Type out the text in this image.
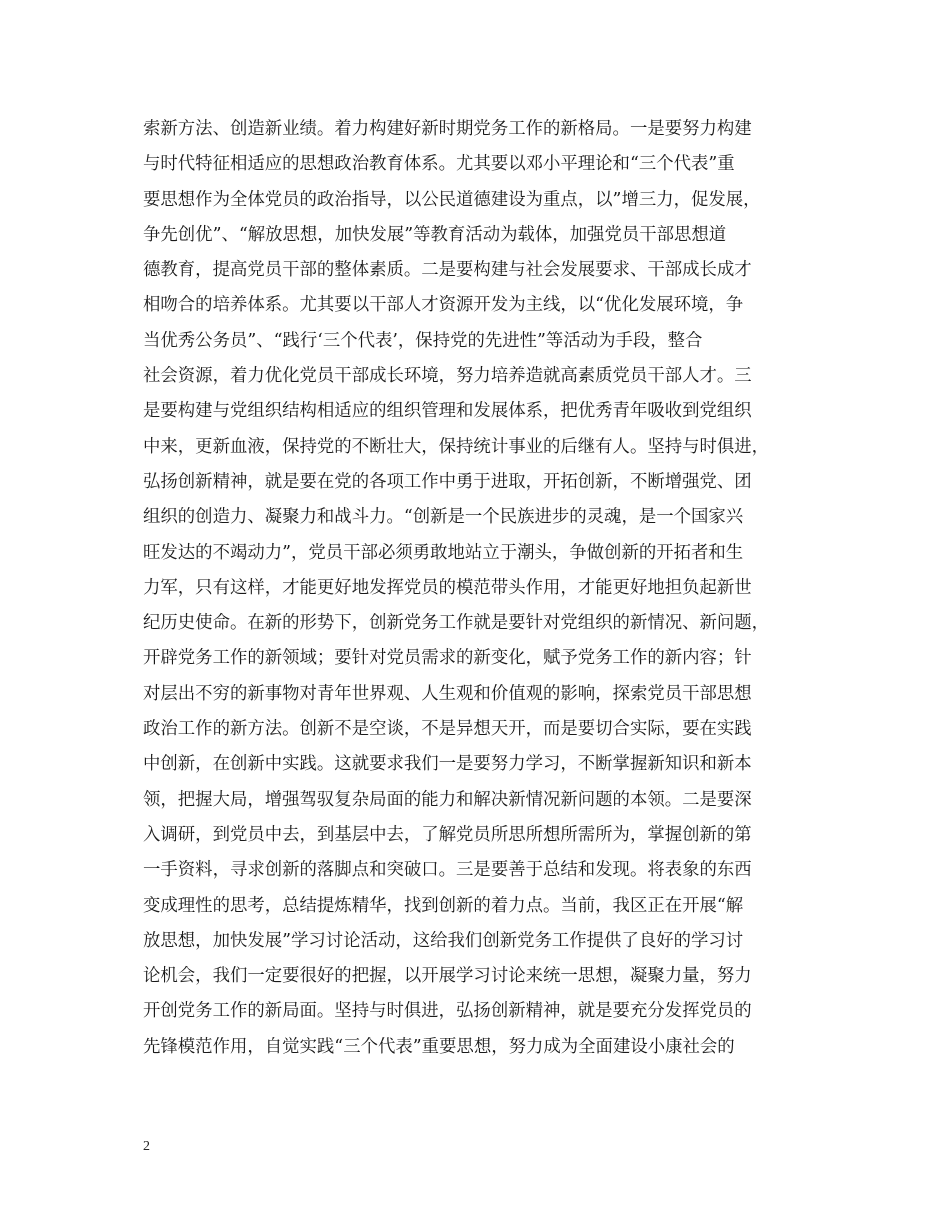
索新方法、创造新业绩。着力构建好新时期党务工作的新格局。一是要努力构建
与时代特征相适应的思想政治教育体系。尤其要以邓小平理论和“三个代表”重
要思想作为全体党员的政治指导，以公民道德建设为重点，以”增三力，促发展，
争先创优”、“解放思想，加快发展”等教育活动为载体，加强党员干部思想道
德教育，提高党员干部的整体素质。二是要构建与社会发展要求、干部成长成才
相吻合的培养体系。尤其要以干部人才资源开发为主线，以“优化发展环境，争
当优秀公务员”、“践行‘三个代表’，保持党的先进性”等活动为手段，整合
社会资源，着力优化党员干部成长环境，努力培养造就高素质党员干部人才。三
是要构建与党组织结构相适应的组织管理和发展体系，把优秀青年吸收到党组织
中来，更新血液，保持党的不断壮大，保持统计事业的后继有人。坚持与时俱进，
弘扬创新精神，就是要在党的各项工作中勇于进取，开拓创新，不断增强党、团
组织的创造力、凝聚力和战斗力。“创新是一个民族进步的灵魂，是一个国家兴
旺发达的不竭动力”，党员干部必须勇敢地站立于潮头，争做创新的开拓者和生
力军，只有这样，才能更好地发挥党员的模范带头作用，才能更好地担负起新世
纪历史使命。在新的形势下，创新党务工作就是要针对党组织的新情况、新问题，
开辟党务工作的新领域；要针对党员需求的新变化，赋予党务工作的新内容；针
对层出不穷的新事物对青年世界观、人生观和价值观的影响，探索党员干部思想
政治工作的新方法。创新不是空谈，不是异想天开，而是要切合实际，要在实践
中创新，在创新中实践。这就要求我们一是要努力学习，不断掌握新知识和新本
领，把握大局，增强驾驭复杂局面的能力和解决新情况新问题的本领。二是要深
入调研，到党员中去，到基层中去，了解党员所思所想所需所为，掌握创新的第
一手资料，寻求创新的落脚点和突破口。三是要善于总结和发现。将表象的东西
变成理性的思考，总结提炼精华，找到创新的着力点。当前，我区正在开展“解
放思想，加快发展”学习讨论活动，这给我们创新党务工作提供了良好的学习讨
论机会，我们一定要很好的把握，以开展学习讨论来统一思想，凝聚力量，努力
开创党务工作的新局面。坚持与时俱进，弘扬创新精神，就是要充分发挥党员的
先锋模范作用，自觉实践“三个代表”重要思想，努力成为全面建设小康社会的
2
